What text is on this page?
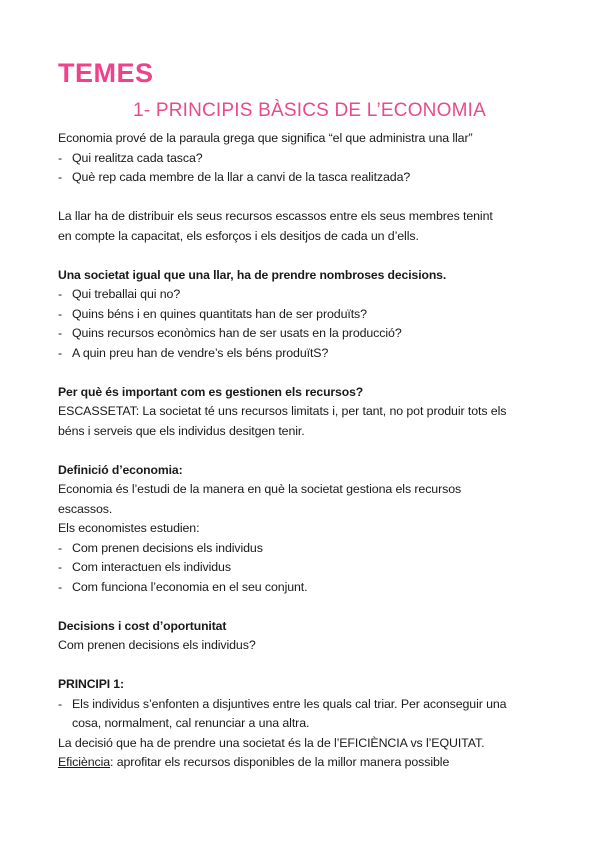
TEMES
1- PRINCIPIS BÀSICS DE L’ECONOMIA

Economia prové de la paraula grega que significa “el que administra una llar”

- Qui realitza cada tasca?
- Què rep cada membre de la llar a canvi de la tasca realitzada?

La llar ha de distribuir els seus recursos escassos entre els seus membres tenint

en compte la capacitat, els esforços i els desitjos de cada un d’ells.

Una societat igual que una llar, ha de prendre nombroses decisions.

- Qui treballai qui no?
- Quins béns i en quines quantitats han de ser produïts?
- Quins recursos econòmics han de ser usats en la producció?
- A quin preu han de vendre’s els béns produïtS?

Per què és important com es gestionen els recursos?

ESCASSETAT: La societat té uns recursos limitats i, per tant, no pot produir tots els

béns i serveis que els individus desitgen tenir.

Definició d’economia:

Economia és l’estudi de la manera en què la societat gestiona els recursos

escassos.

Els economistes estudien:

- Com prenen decisions els individus
- Com interactuen els individus
- Com funciona l’economia en el seu conjunt.

Decisions i cost d’oportunitat

Com prenen decisions els individus?

PRINCIPI 1:

- Els individus s’enfonten a disjuntives entre les quals cal triar. Per aconseguir una
cosa, normalment, cal renunciar a una altra.

La decisió que ha de prendre una societat és la de l’EFICIÈNCIA vs l’EQUITAT.

Eficiència: aprofitar els recursos disponibles de la millor manera possible
